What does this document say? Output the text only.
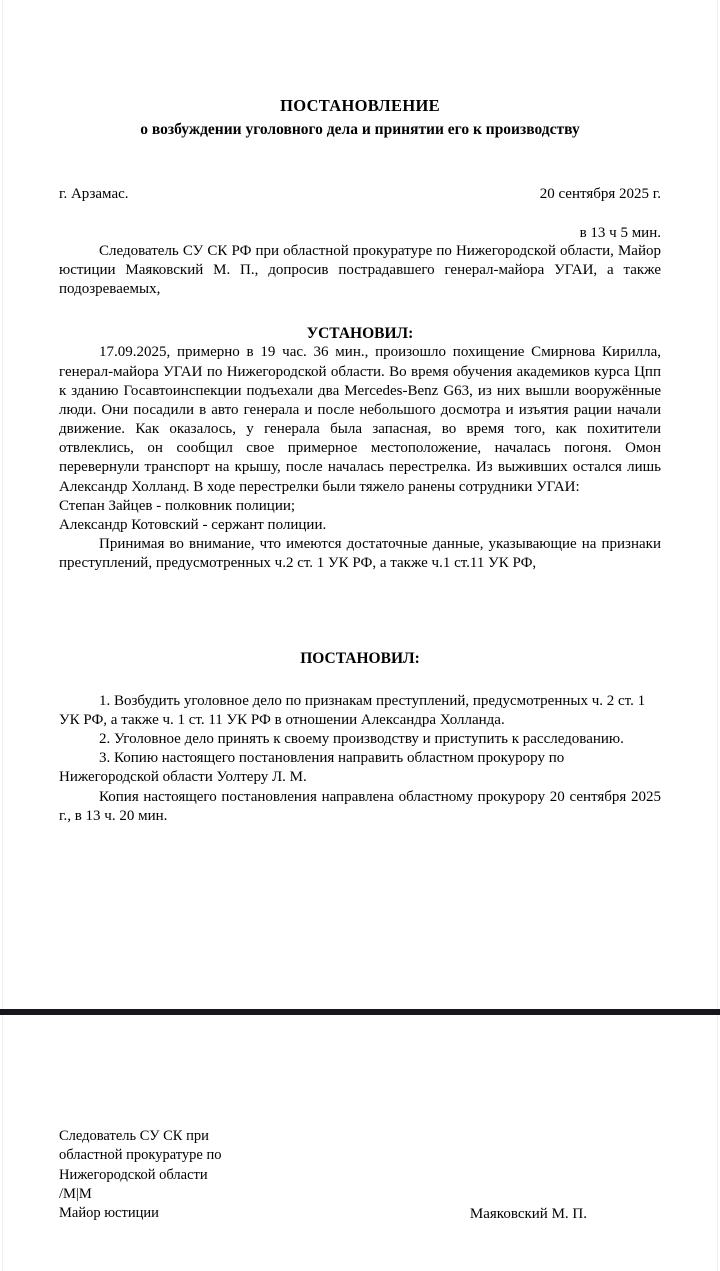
ПОСТАНОВЛЕНИЕ
о возбуждении уголовного дела и принятии его к производству
г. Арзамас.	20 сентября 2025 г.
в 13 ч 5 мин.

Следователь СУ СК РФ при областной прокуратуре по Нижегородской области, Майор юстиции Маяковский М. П., допросив пострадавшего генерал-майора УГАИ, а также подозреваемых,

УСТАНОВИЛ:

17.09.2025, примерно в 19 час. 36 мин., произошло похищение Смирнова Кирилла, генерал-майора УГАИ по Нижегородской области. Во время обучения академиков курса Цпп к зданию Госавтоинспекции подъехали два Mercedes-Benz G63, из них вышли вооружённые люди. Они посадили в авто генерала и после небольшого досмотра и изъятия рации начали движение. Как оказалось, у генерала была запасная, во время того, как похитители отвлеклись, он сообщил свое примерное местоположение, началась погоня. Омон перевернули транспорт на крышу, после началась перестрелка. Из выживших остался лишь Александр Холланд. В ходе перестрелки были тяжело ранены сотрудники УГАИ:

Степан Зайцев - полковник полиции;

Александр Котовский - сержант полиции.

Принимая во внимание, что имеются достаточные данные, указывающие на признаки преступлений, предусмотренных ч.2 ст. 1 УК РФ, а также ч.1 ст.11 УК РФ,

ПОСТАНОВИЛ:

1. Возбудить уголовное дело по признакам преступлений, предусмотренных ч. 2 ст. 1 УК РФ, а также ч. 1 ст. 11 УК РФ в отношении Александра Холланда.

2. Уголовное дело принять к своему производству и приступить к расследованию.

3. Копию настоящего постановления направить областном прокурору по Нижегородской области Уолтеру Л. М.

Копия настоящего постановления направлена областному прокурору 20 сентября 2025 г., в 13 ч. 20 мин.

Следователь СУ СК при
областной прокуратуре по
Нижегородской области
/М|М
Майор юстиции	Маяковский М. П.
